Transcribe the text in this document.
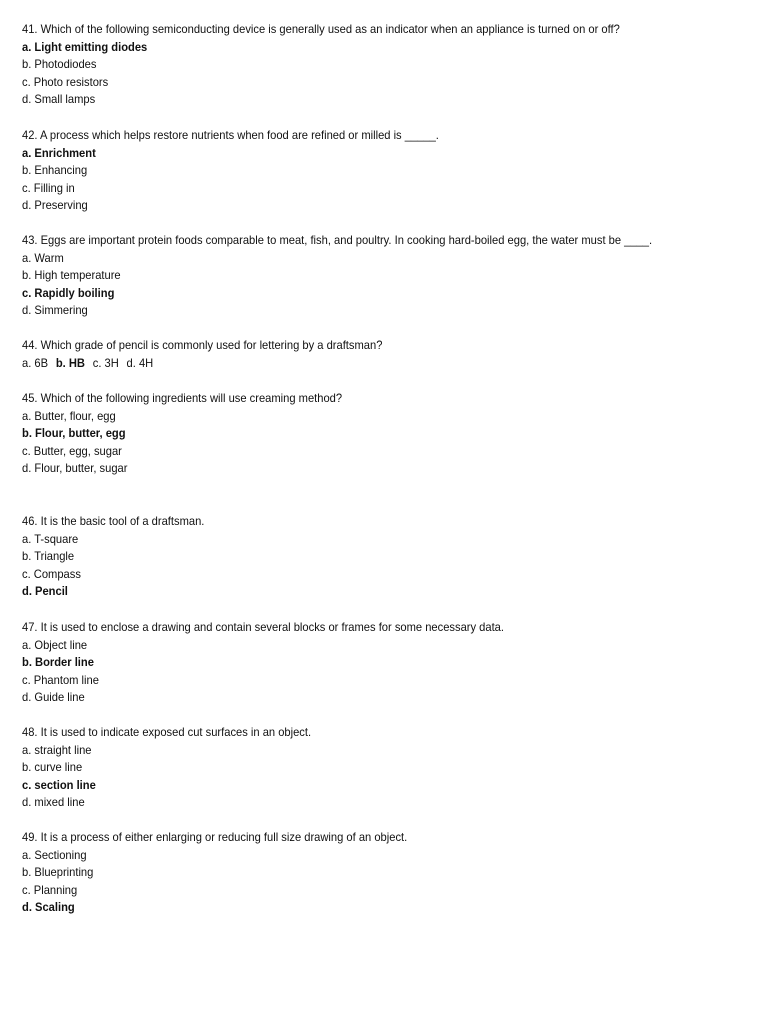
41. Which of the following semiconducting device is generally used as an indicator when an appliance is turned on or off?
a. Light emitting diodes
b. Photodiodes
c. Photo resistors
d. Small lamps
42. A process which helps restore nutrients when food are refined or milled is _____.
a. Enrichment
b. Enhancing
c. Filling in
d. Preserving
43. Eggs are important protein foods comparable to meat, fish, and poultry. In cooking hard-boiled egg, the water must be ____.
a. Warm
b. High temperature
c. Rapidly boiling
d. Simmering
44. Which grade of pencil is commonly used for lettering by a draftsman?
a. 6B b. HB c. 3H d. 4H
45. Which of the following ingredients will use creaming method?
a. Butter, flour, egg
b. Flour, butter, egg
c. Butter, egg, sugar
d. Flour, butter, sugar
46. It is the basic tool of a draftsman.
a. T-square
b. Triangle
c. Compass
d. Pencil
47. It is used to enclose a drawing and contain several blocks or frames for some necessary data.
a. Object line
b. Border line
c. Phantom line
d. Guide line
48. It is used to indicate exposed cut surfaces in an object.
a. straight line
b. curve line
c. section line
d. mixed line
49. It is a process of either enlarging or reducing full size drawing of an object.
a. Sectioning
b. Blueprinting
c. Planning
d. Scaling
